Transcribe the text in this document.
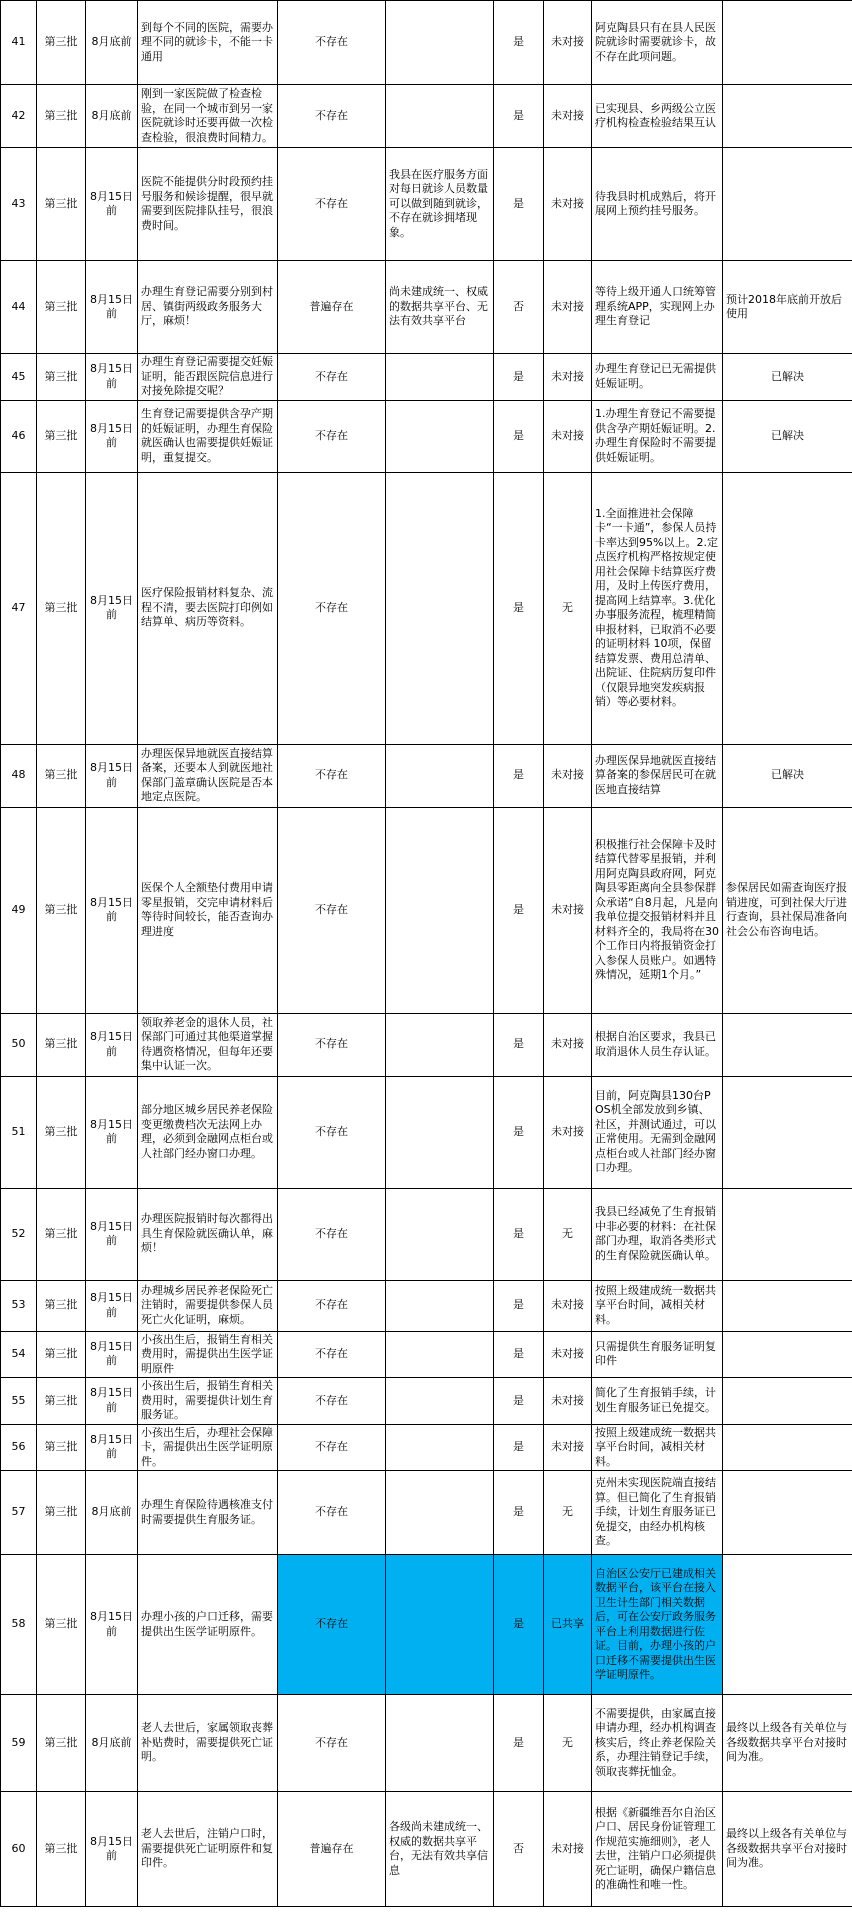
41	第三批	8月底前	到每个不同的医院，需要办理不同的就诊卡，不能一卡通用	不存在		是	未对接	阿克陶县只有在县人民医院就诊时需要就诊卡，故不存在此项问题。	
42	第三批	8月底前	刚到一家医院做了检查检验，在同一个城市到另一家医院就诊时还要再做一次检查检验，很浪费时间精力。	不存在		是	未对接	已实现县、乡两级公立医疗机构检查检验结果互认	
43	第三批	8月15日前	医院不能提供分时段预约挂号服务和候诊提醒，很早就需要到医院排队挂号，很浪费时间。	不存在	我县在医疗服务方面对每日就诊人员数量可以做到随到就诊，不存在就诊拥堵现象。	是	未对接	待我县时机成熟后，将开展网上预约挂号服务。	
44	第三批	8月15日前	办理生育登记需要分别到村居、镇街两级政务服务大厅，麻烦！	普遍存在	尚未建成统一、权威的数据共享平台、无法有效共享平台	否	未对接	等待上级开通人口统筹管理系统APP，实现网上办理生育登记	预计2018年底前开放后使用
45	第三批	8月15日前	办理生育登记需要提交妊娠证明，能否跟医院信息进行对接免除提交呢？	不存在		是	未对接	办理生育登记已无需提供妊娠证明。	已解决
46	第三批	8月15日前	生育登记需要提供含孕产期的妊娠证明，办理生育保险就医确认也需要提供妊娠证明，重复提交。	不存在		是	未对接	1.办理生育登记不需要提供含孕产期妊娠证明。2.办理生育保险时不需要提供妊娠证明。	已解决
47	第三批	8月15日前	医疗保险报销材料复杂、流程不清，要去医院打印例如结算单、病历等资料。	不存在		是	无	1.全面推进社会保障卡“一卡通”，参保人员持卡率达到95%以上。2.定点医疗机构严格按规定使用社会保障卡结算医疗费用，及时上传医疗费用，提高网上结算率。3.优化办事服务流程，梳理精简申报材料，已取消不必要的证明材料 10项，保留结算发票、费用总清单、出院证、住院病历复印件（仅限异地突发疾病报销）等必要材料。	
48	第三批	8月15日前	办理医保异地就医直接结算备案，还要本人到就医地社保部门盖章确认医院是否本地定点医院。	不存在		是	未对接	办理医保异地就医直接结算备案的参保居民可在就医地直接结算	已解决
49	第三批	8月15日前	医保个人全额垫付费用申请零星报销，交完申请材料后等待时间较长，能否查询办理进度	不存在		是	未对接	积极推行社会保障卡及时结算代替零星报销，并利用阿克陶县政府网，阿克陶县零距离向全县参保群众承诺“自8月起，凡是向我单位提交报销材料并且材料齐全的，我局将在30个工作日内将报销资金打入参保人员账户。如遇特殊情况，延期1个月。”	参保居民如需查询医疗报销进度，可到社保大厅进行查询，县社保局准备向社会公布咨询电话。
50	第三批	8月15日前	领取养老金的退休人员，社保部门可通过其他渠道掌握待遇资格情况，但每年还要集中认证一次。	不存在		是	未对接	根据自治区要求，我县已取消退休人员生存认证。	
51	第三批	8月15日前	部分地区城乡居民养老保险变更缴费档次无法网上办理，必须到金融网点柜台或人社部门经办窗口办理。	不存在		是	未对接	目前，阿克陶县130台POS机全部发放到乡镇、社区，并测试通过，可以正常使用。无需到金融网点柜台或人社部门经办窗口办理。	
52	第三批	8月15日前	办理医院报销时每次都得出具生育保险就医确认单，麻烦！	不存在		是	无	我县已经减免了生育报销中非必要的材料：在社保部门办理，取消各类形式的生育保险就医确认单。	
53	第三批	8月15日前	办理城乡居民养老保险死亡注销时，需要提供参保人员死亡火化证明，麻烦。	不存在		是	未对接	按照上级建成统一数据共享平台时间，减相关材料。	
54	第三批	8月15日前	小孩出生后，报销生育相关费用时，需提供出生医学证明原件	不存在		是	未对接	只需提供生育服务证明复印件	
55	第三批	8月15日前	小孩出生后，报销生育相关费用时，需要提供计划生育服务证。	不存在		是	未对接	简化了生育报销手续，计划生育服务证已免提交。	
56	第三批	8月15日前	小孩出生后，办理社会保障卡，需提供出生医学证明原件。	不存在		是	未对接	按照上级建成统一数据共享平台时间，减相关材料。	
57	第三批	8月底前	办理生育保险待遇核准支付时需要提供生育服务证。	不存在		是	无	克州未实现医院端直接结算。但已简化了生育报销手续，计划生育服务证已免提交，由经办机构核查。	
58	第三批	8月15日前	办理小孩的户口迁移，需要提供出生医学证明原件。	不存在		是	已共享	自治区公安厅已建成相关数据平台，该平台在接入卫生计生部门相关数据后，可在公安厅政务服务平台上利用数据进行佐证。目前，办理小孩的户口迁移不需要提供出生医学证明原件。	
59	第三批	8月底前	老人去世后，家属领取丧葬补贴费时，需要提供死亡证明。	不存在		是	无	不需要提供，由家属直接申请办理，经办机构调查核实后，终止养老保险关系，办理注销登记手续，领取丧葬抚恤金。	最终以上级各有关单位与各级数据共享平台对接时间为准。
60	第三批	8月15日前	老人去世后，注销户口时，需要提供死亡证明原件和复印件。	普遍存在	各级尚未建成统一、权威的数据共享平台，无法有效共享信息	否	未对接	根据《新疆维吾尔自治区户口、居民身份证管理工作规范实施细则》，老人去世，注销户口必须提供死亡证明，确保户籍信息的准确性和唯一性。	最终以上级各有关单位与各级数据共享平台对接时间为准。
